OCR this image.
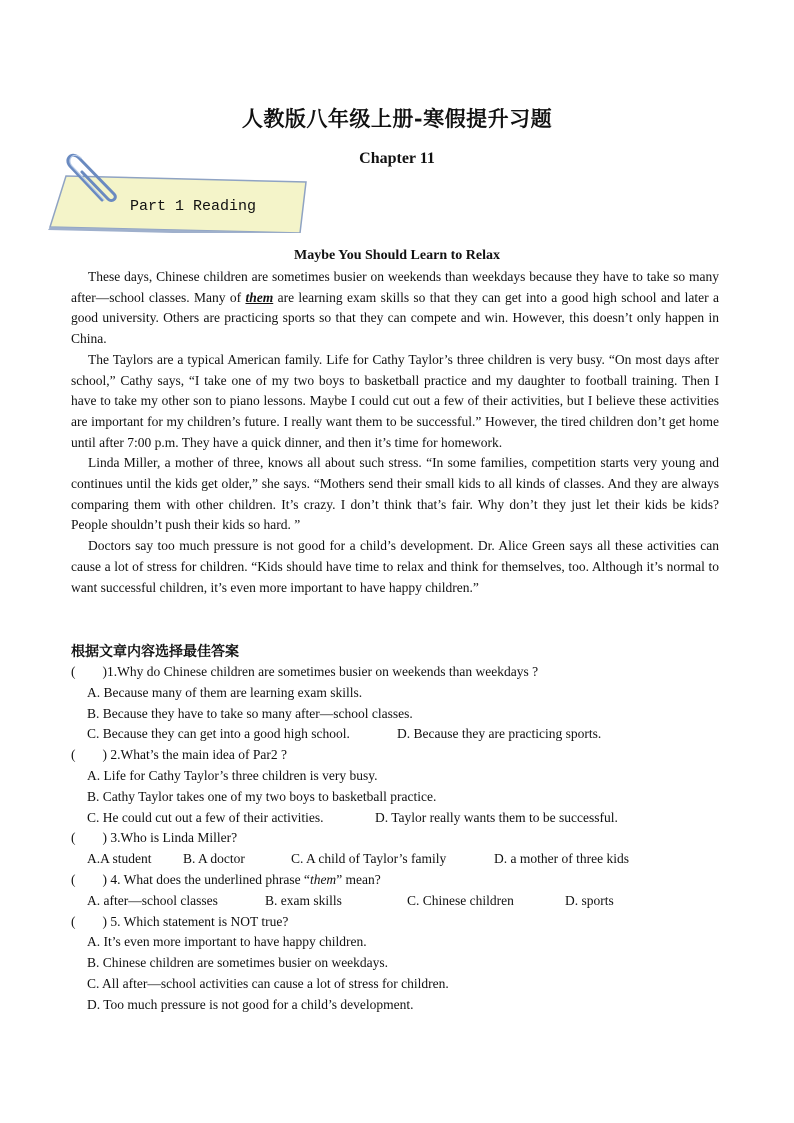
人教版八年级上册-寒假提升习题
Chapter 11
Part 1 Reading
Maybe You Should Learn to Relax

These days, Chinese children are sometimes busier on weekends than weekdays because they have to take so many after—school classes. Many of them are learning exam skills so that they can get into a good high school and later a good university. Others are practicing sports so that they can compete and win. However, this doesn’t only happen in China.

The Taylors are a typical American family. Life for Cathy Taylor’s three children is very busy. “On most days after school,” Cathy says, “I take one of my two boys to basketball practice and my daughter to football training. Then I have to take my other son to piano lessons. Maybe I could cut out a few of their activities, but I believe these activities are important for my children’s future. I really want them to be successful.” However, the tired children don’t get home until after 7:00 p.m. They have a quick dinner, and then it’s time for homework.

Linda Miller, a mother of three, knows all about such stress. “In some families, competition starts very young and continues until the kids get older,” she says. “Mothers send their small kids to all kinds of classes. And they are always comparing them with other children. It’s crazy. I don’t think that’s fair. Why don’t they just let their kids be kids? People shouldn’t push their kids so hard. ”

Doctors say too much pressure is not good for a child’s development. Dr. Alice Green says all these activities can cause a lot of stress for children. “Kids should have time to relax and think for themselves, too. Although it’s normal to want successful children, it’s even more important to have happy children.”

根据文章内容选择最佳答案
(　　)1.Why do Chinese children are sometimes busier on weekends than weekdays ?
A. Because many of them are learning exam skills.
B. Because they have to take so many after—school classes.
C. Because they can get into a good high school.	D. Because they are practicing sports.
(　　) 2.What’s the main idea of Par2 ?
A. Life for Cathy Taylor’s three children is very busy.
B. Cathy Taylor takes one of my two boys to basketball practice.
C. He could cut out a few of their activities.	D. Taylor really wants them to be successful.
(　　) 3.Who is Linda Miller?
A.A student B. A doctor	C. A child of Taylor’s family	D. a mother of three kids
(　　) 4. What does the underlined phrase “them” mean?
A. after—school classes	B. exam skills	C. Chinese children	D. sports
(　　) 5. Which statement is NOT true?
A. It’s even more important to have happy children.
B. Chinese children are sometimes busier on weekdays.
C. All after—school activities can cause a lot of stress for children.
D. Too much pressure is not good for a child’s development.
